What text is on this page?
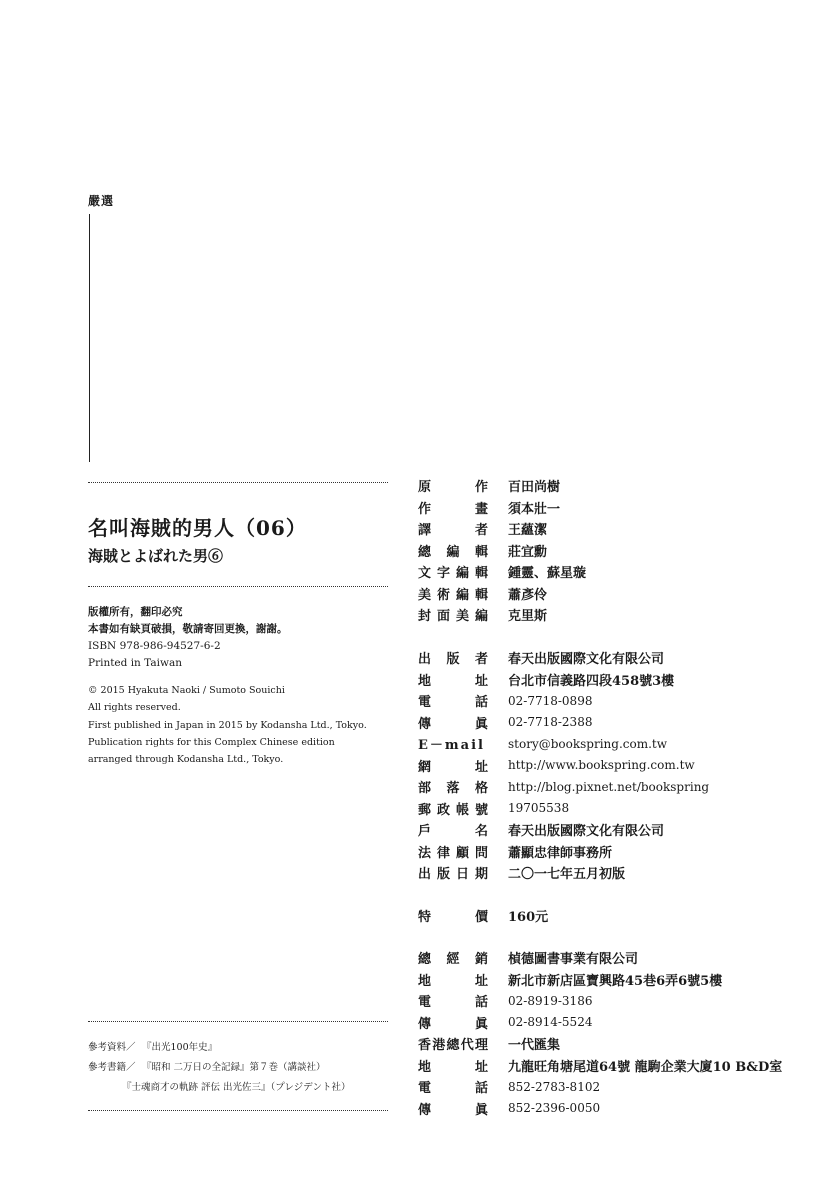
嚴選
名叫海賊的男人（06）
海賊とよばれた男⑥
版權所有，翻印必究
本書如有缺頁破損，敬請寄回更換，謝謝。
ISBN 978-986-94527-6-2
Printed in Taiwan
© 2015 Hyakuta Naoki / Sumoto Souichi
All rights reserved.
First published in Japan in 2015 by Kodansha Ltd., Tokyo.
Publication rights for this Complex Chinese edition arranged through Kodansha Ltd., Tokyo.
參考資料／ 『出光100年史』
參考書籍／ 『昭和 二万日の全記録』第７巻（講談社）
『士魂商才の軌跡 評伝 出光佐三』（プレジデント社）
原	作 百田尚樹
作	畫 須本壯一
譯	者 王蘊潔
總 編 輯 莊宜勳
文 字 編 輯 鍾靈、蘇星璇
美 術 編 輯 蕭彥伶
封 面 美 編 克里斯
出 版 者 春天出版國際文化有限公司
地	址 台北市信義路四段458號3樓
電	話 02-7718-0898
傳	眞 02-7718-2388
E－mail story@bookspring.com.tw
網	址 http://www.bookspring.com.tw
部 落 格 http://blog.pixnet.net/bookspring
郵 政 帳 號 19705538
戶	名 春天出版國際文化有限公司
法 律 顧 問 蕭顯忠律師事務所
出 版 日 期 二〇一七年五月初版
特	價 160元
總 經 銷 楨德圖書事業有限公司
地	址 新北市新店區寶興路45巷6弄6號5樓
電	話 02-8919-3186
傳	眞 02-8914-5524
香 港 總 代 理 一代匯集
地	址 九龍旺角塘尾道64號 龍駒企業大廈10 B&D室
電	話 852-2783-8102
傳	眞 852-2396-0050
